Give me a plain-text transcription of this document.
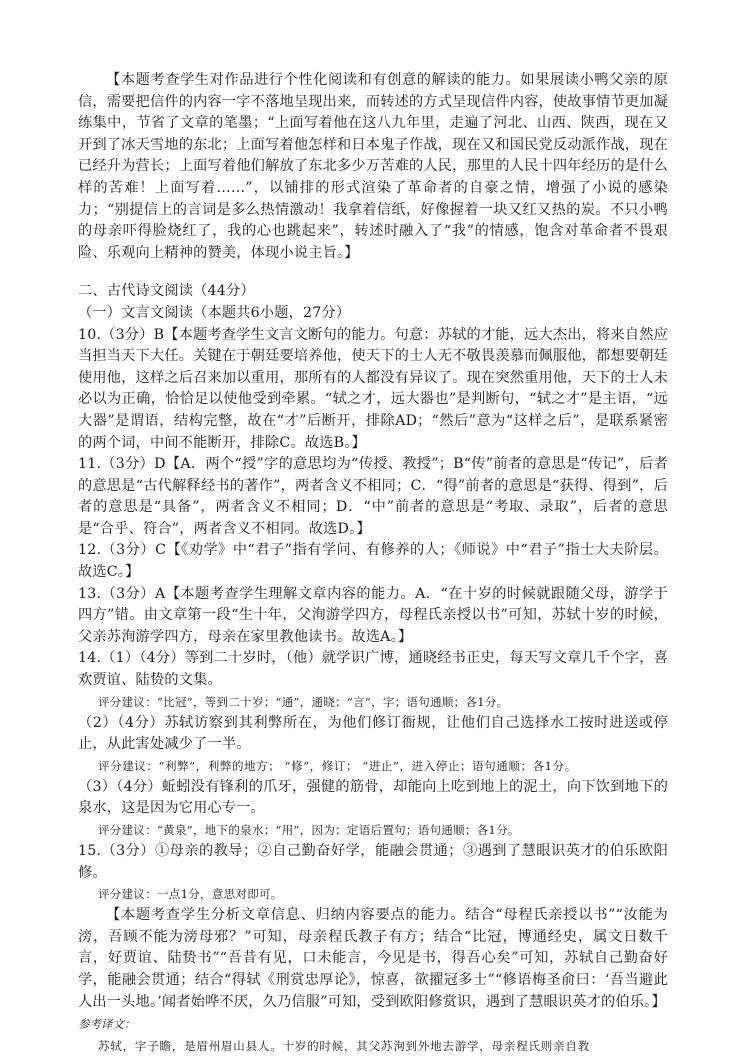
【本题考查学生对作品进行个性化阅读和有创意的解读的能力。如果展读小鸭父亲的原信，需要把信件的内容一字不落地呈现出来，而转述的方式呈现信件内容，使故事情节更加凝练集中，节省了文章的笔墨；“上面写着他在这八九年里，走遍了河北、山西、陕西，现在又开到了冰天雪地的东北；上面写着他怎样和日本鬼子作战，现在又和国民党反动派作战，现在已经升为营长；上面写着他们解放了东北多少万苦难的人民，那里的人民十四年经历的是什么样的苦难！上面写着……”，以铺排的形式渲染了革命者的自豪之情，增强了小说的感染力；“别提信上的言词是多么热情激动！我拿着信纸，好像握着一块又红又热的炭。不只小鸭的母亲吓得脸烧红了，我的心也跳起来”，转述时融入了“我”的情感，饱含对革命者不畏艰险、乐观向上精神的赞美，体现小说主旨。】

二、古代诗文阅读（44分）

（一）文言文阅读（本题共6小题，27分）

10.（3分）B【本题考查学生文言文断句的能力。句意：苏轼的才能，远大杰出，将来自然应当担当天下大任。关键在于朝廷要培养他，使天下的士人无不敬畏羡慕而佩服他，都想要朝廷使用他，这样之后召来加以重用，那所有的人都没有异议了。现在突然重用他，天下的士人未必以为正确，恰恰足以使他受到牵累。“轼之才，远大器也”是判断句，“轼之才”是主语，“远大器”是谓语，结构完整，故在“才”后断开，排除AD；“然后”意为“这样之后”，是联系紧密的两个词，中间不能断开，排除C。故选B。】

11.（3分）D【A．两个“授”字的意思均为“传授、教授”；B“传”前者的意思是“传记”，后者的意思是“古代解释经书的著作”，两者含义不相同；C．“得”前者的意思是“获得、得到”，后者的意思是“具备”，两者含义不相同；D．“中”前者的意思是“考取、录取”，后者的意思是“合乎、符合”，两者含义不相同。故选D。】

12.（3分）C【《劝学》中“君子”指有学问、有修养的人；《师说》中“君子”指士大夫阶层。故选C。】

13.（3分）A【本题考查学生理解文章内容的能力。A．“在十岁的时候就跟随父母，游学于四方”错。由文章第一段“生十年，父洵游学四方，母程氏亲授以书”可知，苏轼十岁的时候，父亲苏洵游学四方，母亲在家里教他读书。故选A。】

14.（1）（4分）等到二十岁时，（他）就学识广博，通晓经书正史，每天写文章几千个字，喜欢贾谊、陆贽的文集。

评分建议：“比冠”，等到二十岁；“通”，通晓；“言”，字；语句通顺；各1分。

（2）（4分）苏轼访察到其利弊所在，为他们修订衙规，让他们自己选择水工按时进送或停止，从此害处减少了一半。

评分建议：“利弊”，利弊的地方； “修”，修订； “进止”，进入停止；语句通顺；各1分。

（3）（4分）蚯蚓没有锋利的爪牙，强健的筋骨，却能向上吃到地上的泥土，向下饮到地下的泉水，这是因为它用心专一。

评分建议：“黄泉”，地下的泉水；“用”，因为；定语后置句；语句通顺；各1分。

15.（3分）①母亲的教导；②自己勤奋好学，能融会贯通；③遇到了慧眼识英才的伯乐欧阳修。

评分建议：一点1分，意思对即可。

【本题考查学生分析文章信息、归纳内容要点的能力。结合“母程氏亲授以书”“汝能为滂，吾顾不能为滂母邪？”可知，母亲程氏教子有方；结合“比冠，博通经史，属文日数千言，好贾谊、陆贽书”“吾昔有见，口未能言，今见是书，得吾心矣”可知，苏轼自己勤奋好学，能融会贯通；结合“得轼《刑赏忠厚论》，惊喜，欲擢冠多士”“修语梅圣俞曰：‘吾当避此人出一头地。’闻者始哗不厌，久乃信服”可知，受到欧阳修赏识，遇到了慧眼识英才的伯乐。】

参考译文：

苏轼，字子瞻，是眉州眉山县人。十岁的时候，其父苏洵到外地去游学，母亲程氏则亲自教
